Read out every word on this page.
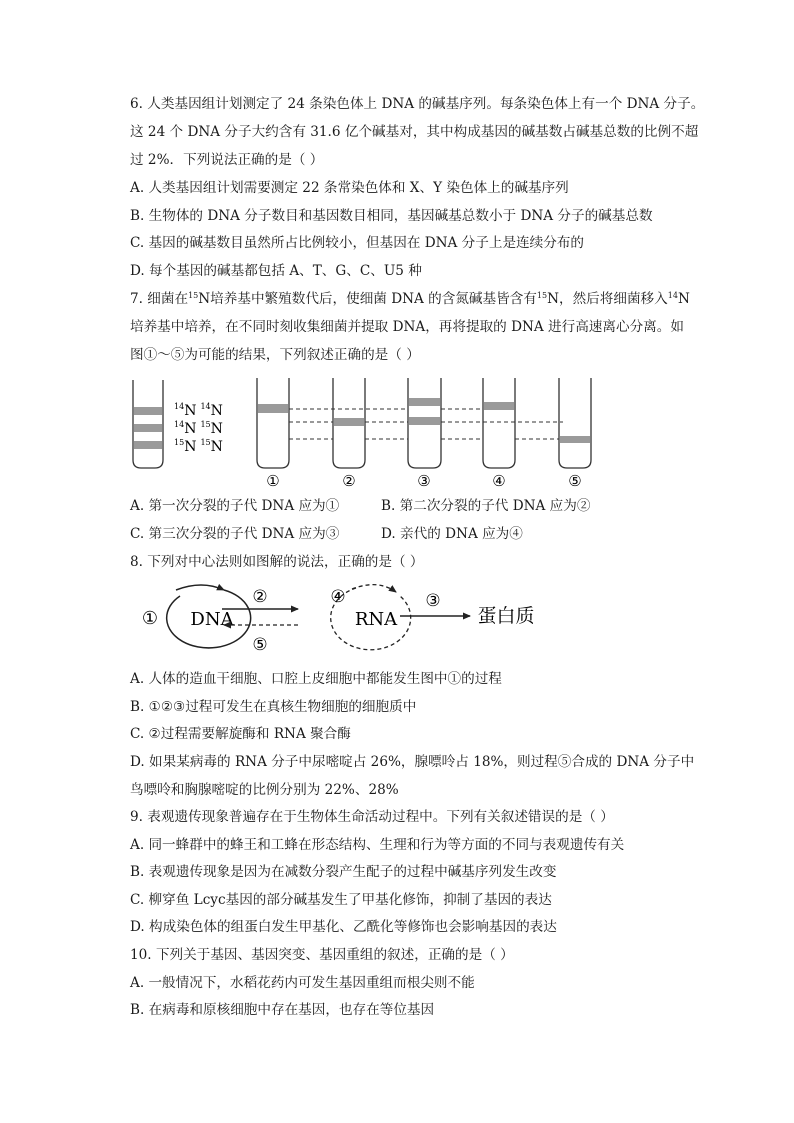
6. 人类基因组计划测定了 24 条染色体上 DNA 的碱基序列。每条染色体上有一个 DNA 分子。
这 24 个 DNA 分子大约含有 31.6 亿个碱基对，其中构成基因的碱基数占碱基总数的比例不超
过 2%．下列说法正确的是（ ）
A. 人类基因组计划需要测定 22 条常染色体和 X、Y 染色体上的碱基序列
B. 生物体的 DNA 分子数目和基因数目相同，基因碱基总数小于 DNA 分子的碱基总数
C. 基因的碱基数目虽然所占比例较小，但基因在 DNA 分子上是连续分布的
D. 每个基因的碱基都包括 A、T、G、C、U5 种
7. 细菌在$^{15}$N培养基中繁殖数代后，使细菌 DNA 的含氮碱基皆含有$^{15}$N，然后将细菌移入$^{14}$N
培养基中培养，在不同时刻收集细菌并提取 DNA，再将提取的 DNA 进行高速离心分离。如
图①～⑤为可能的结果，下列叙述正确的是（ ）
$^{14}$N $^{14}$N
$^{14}$N $^{15}$N
$^{15}$N $^{15}$N
①	②	③	④	⑤
A. 第一次分裂的子代 DNA 应为①	B. 第二次分裂的子代 DNA 应为②
C. 第三次分裂的子代 DNA 应为③	D. 亲代的 DNA 应为④
8. 下列对中心法则如图解的说法，正确的是（ ）
① DNA
②
⑤
④
RNA
③
蛋白质
A. 人体的造血干细胞、口腔上皮细胞中都能发生图中①的过程
B. ①②③过程可发生在真核生物细胞的细胞质中
C. ②过程需要解旋酶和 RNA 聚合酶
D. 如果某病毒的 RNA 分子中尿嘧啶占 26%，腺嘌呤占 18%，则过程⑤合成的 DNA 分子中
鸟嘌呤和胸腺嘧啶的比例分别为 22%、28%
9. 表观遗传现象普遍存在于生物体生命活动过程中。下列有关叙述错误的是（ ）
A. 同一蜂群中的蜂王和工蜂在形态结构、生理和行为等方面的不同与表观遗传有关
B. 表观遗传现象是因为在减数分裂产生配子的过程中碱基序列发生改变
C. 柳穿鱼 Lcyc基因的部分碱基发生了甲基化修饰，抑制了基因的表达
D. 构成染色体的组蛋白发生甲基化、乙酰化等修饰也会影响基因的表达
10. 下列关于基因、基因突变、基因重组的叙述，正确的是（ ）
A. 一般情况下，水稻花药内可发生基因重组而根尖则不能
B. 在病毒和原核细胞中存在基因，也存在等位基因
